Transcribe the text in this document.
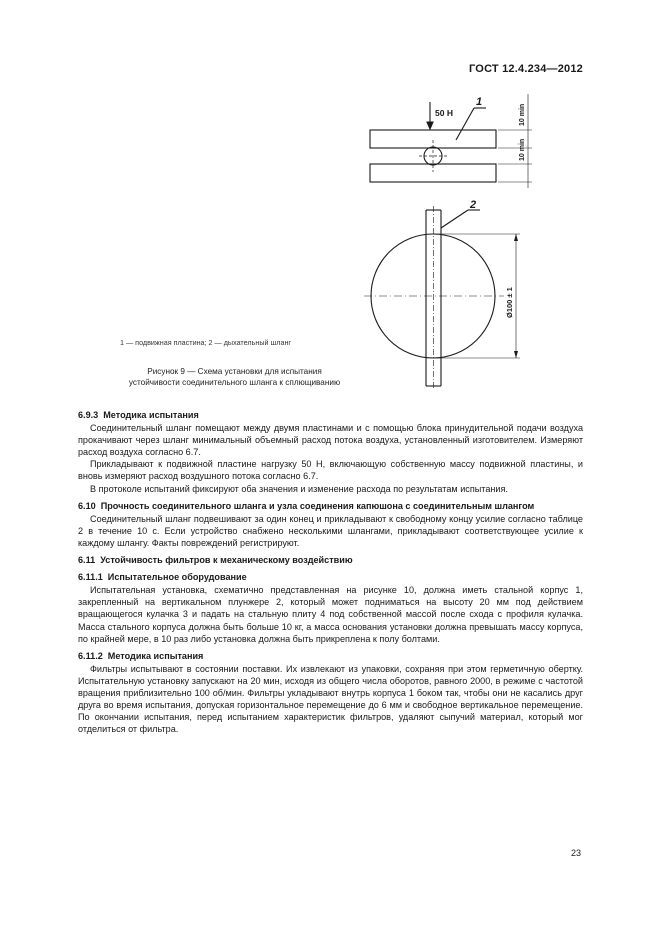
ГОСТ 12.4.234—2012
50 Н
1
2
10 min
10 min
Ø100 ± 1
1 — подвижная пластина; 2 — дыхательный шланг
Рисунок 9 — Схема установки для испытания
устойчивости соединительного шланга к сплющиванию
6.9.3 Методика испытания

Соединительный шланг помещают между двумя пластинами и с помощью блока принудительной подачи воздуха прокачивают через шланг минимальный объемный расход потока воздуха, установленный изготовителем. Измеряют расход воздуха согласно 6.7.

Прикладывают к подвижной пластине нагрузку 50 Н, включающую собственную массу подвижной пластины, и вновь измеряют расход воздушного потока согласно 6.7.

В протоколе испытаний фиксируют оба значения и изменение расхода по результатам испытания.

6.10 Прочность соединительного шланга и узла соединения капюшона с соединительным шлангом

Соединительный шланг подвешивают за один конец и прикладывают к свободному концу усилие согласно таблице 2 в течение 10 с. Если устройство снабжено несколькими шлангами, прикладывают соответствующее усилие к каждому шлангу. Факты повреждений регистрируют.

6.11 Устойчивость фильтров к механическому воздействию
6.11.1 Испытательное оборудование

Испытательная установка, схематично представленная на рисунке 10, должна иметь стальной корпус 1, закрепленный на вертикальном плунжере 2, который может подниматься на высоту 20 мм под действием вращающегося кулачка 3 и падать на стальную плиту 4 под собственной массой после схода с профиля кулачка. Масса стального корпуса должна быть больше 10 кг, а масса основания установки должна превышать массу корпуса, по крайней мере, в 10 раз либо установка должна быть прикреплена к полу болтами.

6.11.2 Методика испытания

Фильтры испытывают в состоянии поставки. Их извлекают из упаковки, сохраняя при этом герметичную обертку. Испытательную установку запускают на 20 мин, исходя из общего числа оборотов, равного 2000, в режиме с частотой вращения приблизительно 100 об/мин. Фильтры укладывают внутрь корпуса 1 боком так, чтобы они не касались друг друга во время испытания, допуская горизонтальное перемещение до 6 мм и свободное вертикальное перемещение. По окончании испытания, перед испытанием характеристик фильтров, удаляют сыпучий материал, который мог отделиться от фильтра.

23
